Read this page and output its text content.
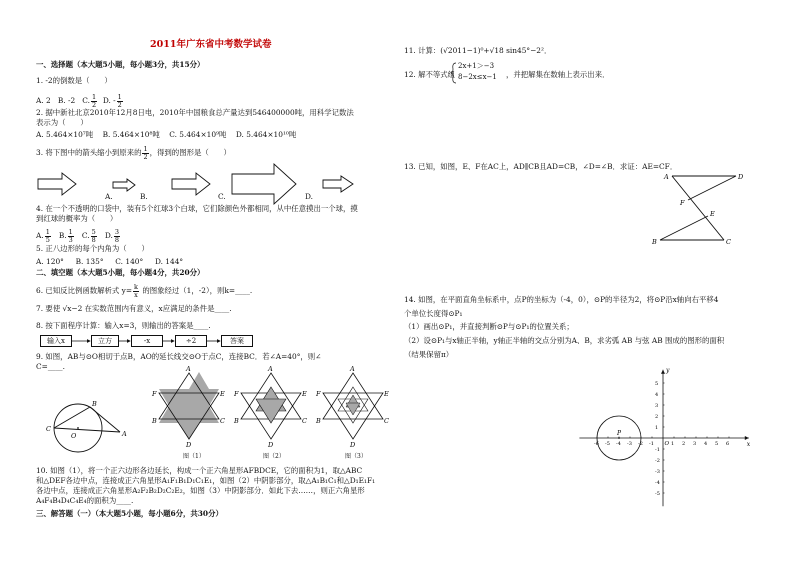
2011年广东省中考数学试卷
一、选择题（本大题5小题，每小题3分，共15分）
1. -2的倒数是（　　）
A. 2 B. -2 C. $\frac{1}{2} D$. - $\frac{1}{2}$
2. 据中新社北京2010年12月8日电，2010年中国粮食总产量达到546400000吨，用科学记数法
表示为（　　）
A. 5.464×10⁷吨 B. 5.464×10⁸吨 C. 5.464×10⁹吨 D. 5.464×10¹⁰吨
3. 将下图中的箭头缩小到原来的 $\frac{1}{2}$ ，得到的图形是（　　）
A.	B.	C.	D.
4. 在一个不透明的口袋中，装有5个红球3个白球，它们除颜色外都相同，从中任意摸出一个球，摸
到红球的概率为（　　）
A. $\frac{1}{5} B$. $\frac{1}{3} C$. $\frac{5}{8} D$. $\frac{3}{8}$
5. 正八边形的每个内角为（　　）
A. 120° B. 135° C. 140° D. 144°
二、填空题（本大题5小题，每小题4分，共20分）
6. 已知反比例函数解析式 $y= \frac{k}{x}$ 的图象经过（1，-2），则k=____.
7. 要使 √x−2 在实数范围内有意义，x应满足的条件是____.
8. 按下面程序计算：输入x=3，则输出的答案是____.
输入x	立方	-x	÷2	答案
9. 如图，AB与⊙O相切于点B，AO的延长线交⊙O于点C，连接BC．若∠A=40°，则∠
C=____.
C
O
B
A
A
F	E
B	C
D
A
F	E
B	C
D
A
F	E
B	C
D
图（1）	图（2）	图（3）
10. 如图（1），将一个正六边形各边延长，构成一个正六角星形AFBDCE，它的面积为1，取△ABC
和△DEF各边中点，连接成正六角星形A₁F₁B₁D₁C₁E₁，如图（2）中阴影部分，取△A₁B₁C₁和△D₁E₁F₁
各边中点，连接成正六角星形A₂F₂B₂D₂C₂E₂，如图（3）中阴影部分．如此下去……，则正六角星形
A₄F₄B₄D₄C₄E₄的面积为____.
三、解答题（一）（本大题5小题，每小题6分，共30分）
11. 计算：(√2011−1)⁰+√18 sin45°−2²．
12. 解不等式组
2x+1＞−3
8−2x≤x−1 ，并把解集在数轴上表示出来．
13. 已知，如图，E、F在AC上，AD∥CB且AD=CB，∠D=∠B．求证：AE=CF．
A	D
F
E
B	C
14. 如图，在平面直角坐标系中，点P的坐标为（-4，0），⊙P的半径为2，将⊙P沿x轴向右平移4
个单位长度得⊙P₁
（1）画出⊙P₁，并直接判断⊙P与⊙P₁的位置关系；
（2）设⊙P₁与x轴正半轴，y轴正半轴的交点分别为A、B，求劣弧 AB 与弦 AB 围成的图形的面积
（结果保留π）
-6 -5 -4 -3 -2 -1	1 2 3 4 5 6
5
4
3
2
1
-1
-2
-3
-4
-5
P
O	x
y
